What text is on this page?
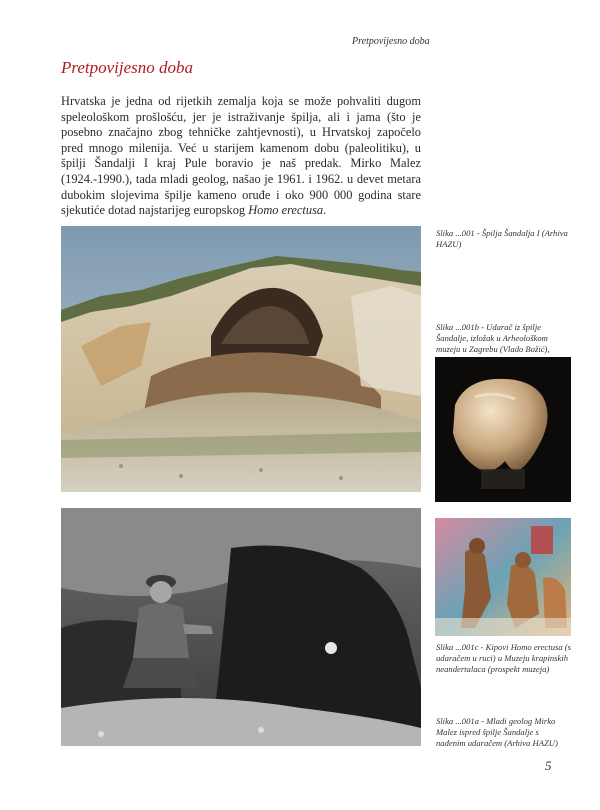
Pretpovijesno doba
Pretpovijesno doba

Hrvatska je jedna od rijetkih zemalja koja se može pohvaliti dugom speleološkom prošlošću, jer je istraživanje špilja, ali i jama (što je posebno značajno zbog tehničke zahtjevnosti), u Hrvatskoj započelo pred mnogo milenija. Već u starijem kamenom dobu (paleolitiku), u špilji Šandalji I kraj Pule boravio je naš predak. Mirko Malez (1924.-1990.), tada mladi geolog, našao je 1961. i 1962. u devet metara dubokim slojevima špilje kameno oruđe i oko 900 000 godina stare sjekutiće dotad najstarijeg europskog Homo erectusa.

Slika ...001 - Špilja Šandalja I (Arhiva HAZU)

Slika ...001b - Udarač iz špilje Šandalje, izložak u Arheološkom muzeju u Zagrebu (Vlado Božić),

Slika ...001c - Kipovi Homo erectusa (s udaračem u ruci) u Muzeju krapinskih neandertalaca (prospekt muzeja)

Slika ...001a - Mladi geolog Mirko Malez ispred špilje Šandalje s nađenim udaračem (Arhiva HAZU)

5
